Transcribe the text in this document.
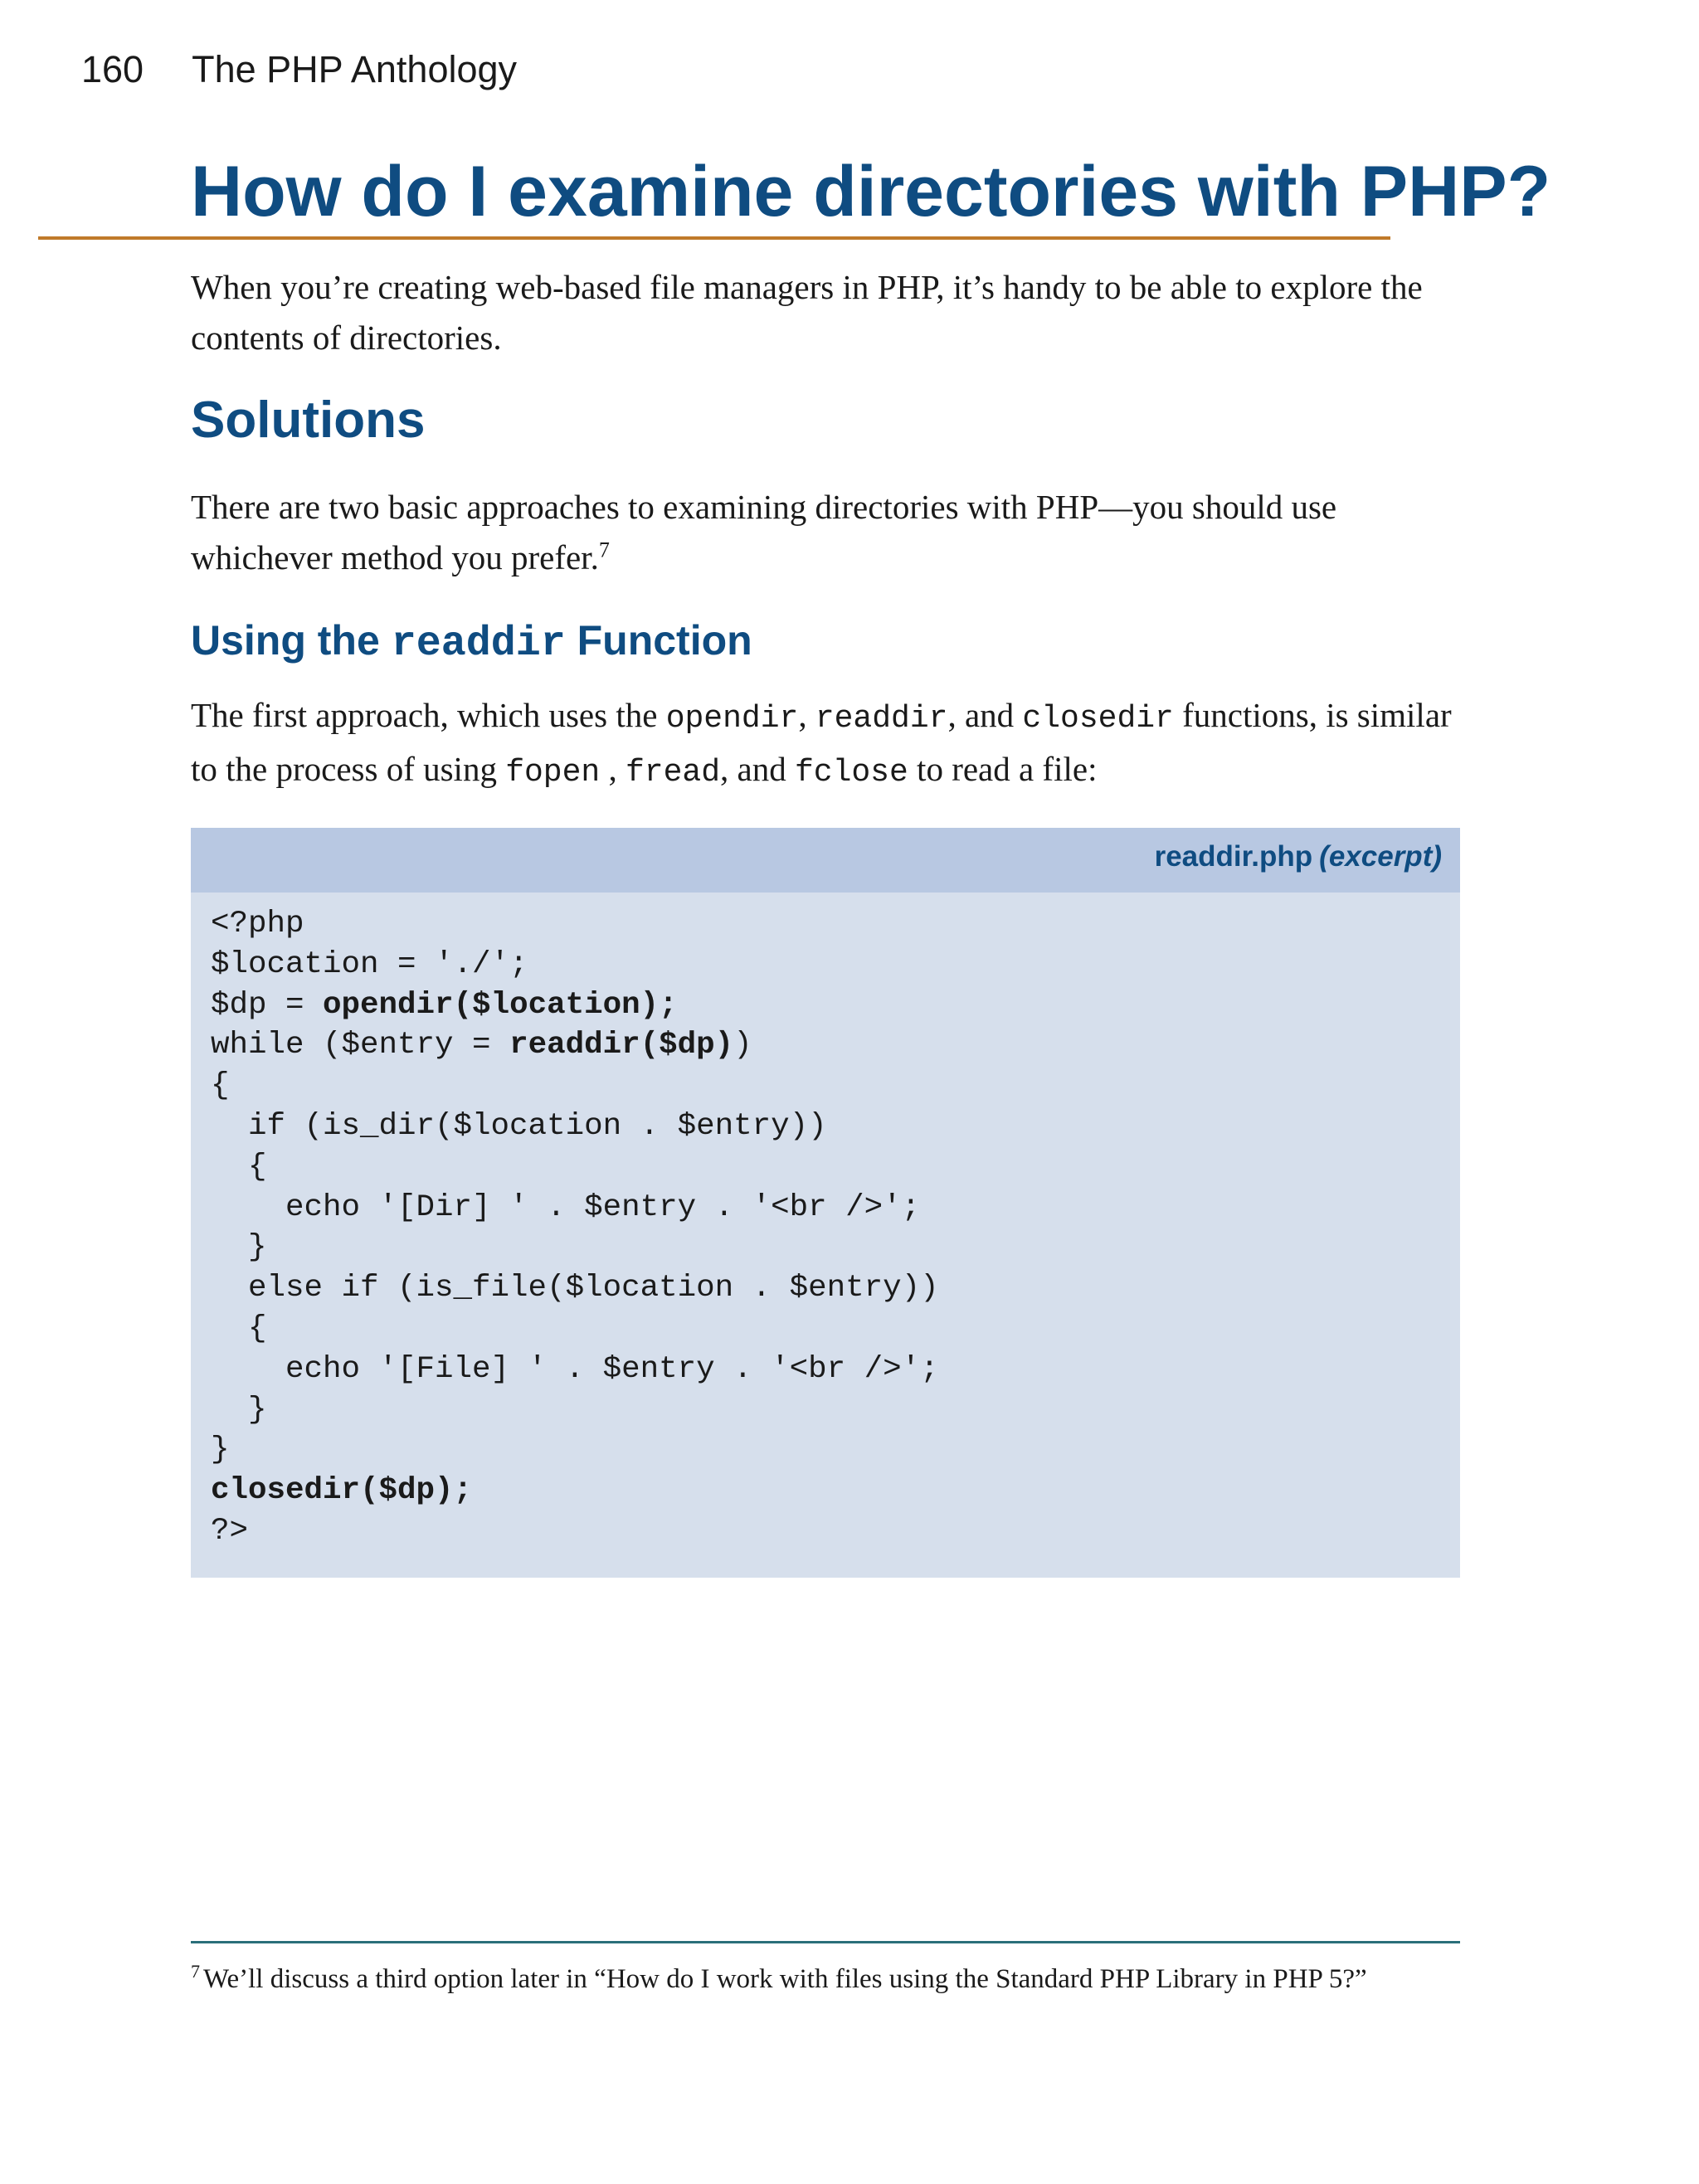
160 The PHP Anthology
How do I examine directories with PHP?

When you’re creating web-based file managers in PHP, it’s handy to be able to explore the contents of directories.

Solutions

There are two basic approaches to examining directories with PHP—you should use whichever method you prefer.$^7$

Using the readdir Function

The first approach, which uses the opendir, readdir, and closedir functions, is similar to the process of using fopen , fread, and fclose to read a file:

readdir.php (excerpt)
<?php
$location = './';
$dp = opendir($location);
while ($entry = readdir($dp))
{
if (is_dir($location . $entry))
{
echo '[Dir] ' . $entry . '<br />';
}
else if (is_file($location . $entry))
{
echo '[File] ' . $entry . '<br />';
}
}
closedir($dp);
?>

$^7$ We’ll discuss a third option later in “How do I work with files using the Standard PHP Library in PHP 5?”
